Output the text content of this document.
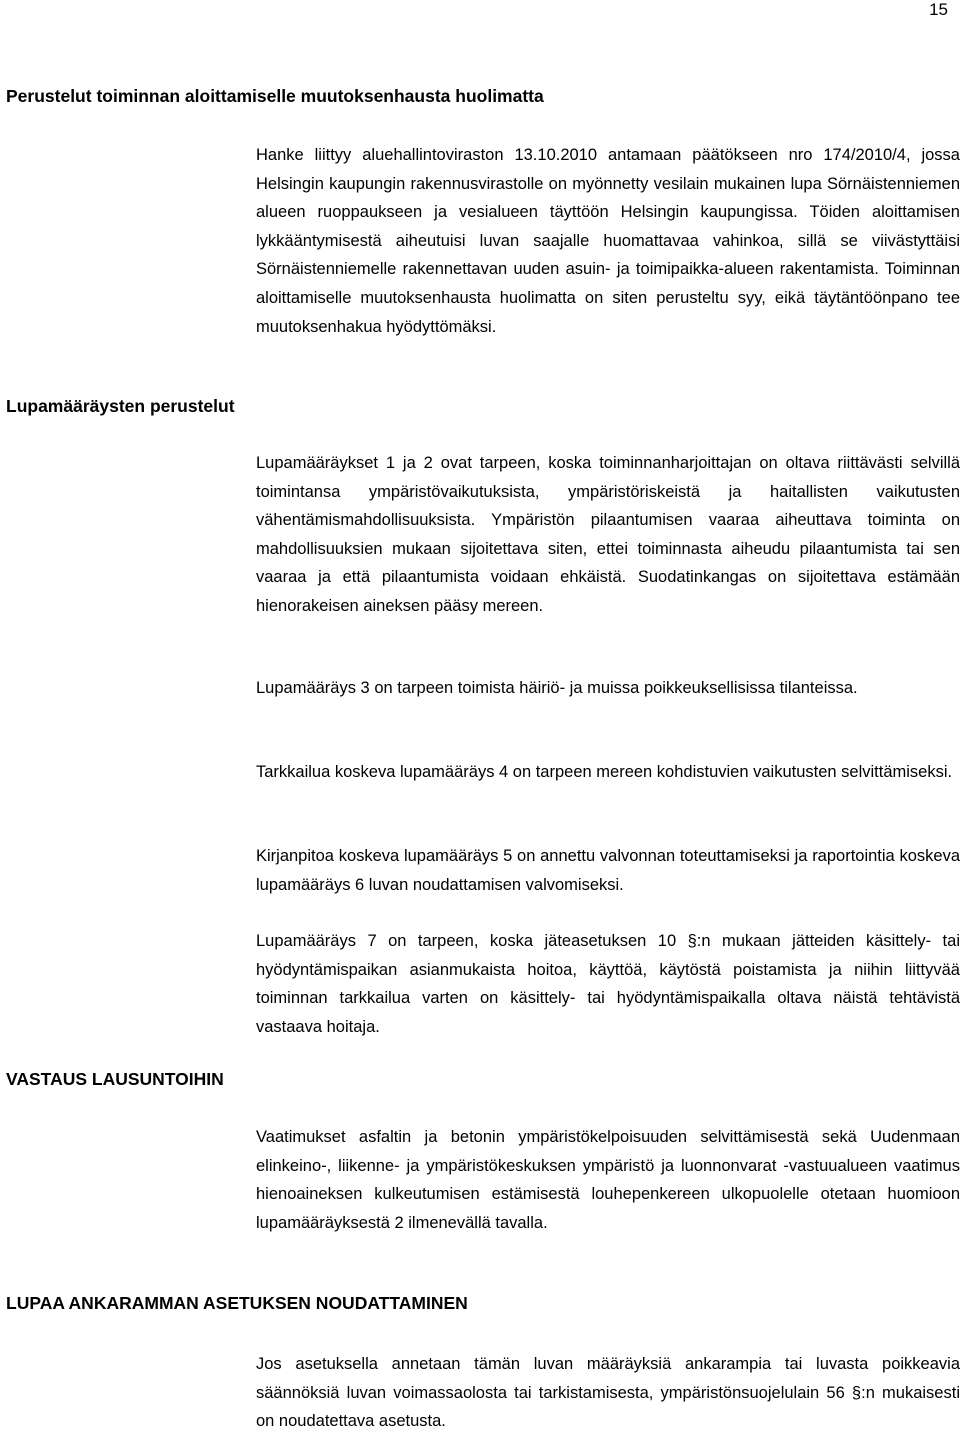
15
Perustelut toiminnan aloittamiselle muutoksenhausta huolimatta

Hanke liittyy aluehallintoviraston 13.10.2010 antamaan päätökseen nro 174/2010/4, jossa Helsingin kaupungin rakennusvirastolle on myönnetty vesilain mukainen lupa Sörnäistenniemen alueen ruoppaukseen ja vesialueen täyttöön Helsingin kaupungissa. Töiden aloittamisen lykkääntymisestä aiheutuisi luvan saajalle huomattavaa vahinkoa, sillä se viivästyttäisi Sörnäistenniemelle rakennettavan uuden asuin- ja toimipaikka-alueen rakentamista. Toiminnan aloittamiselle muutoksenhausta huolimatta on siten perusteltu syy, eikä täytäntöönpano tee muutoksenhakua hyödyttömäksi.

Lupamääräysten perustelut

Lupamääräykset 1 ja 2 ovat tarpeen, koska toiminnanharjoittajan on oltava riittävästi selvillä toimintansa ympäristövaikutuksista, ympäristöriskeistä ja haitallisten vaikutusten vähentämismahdollisuuksista. Ympäristön pilaantumisen vaaraa aiheuttava toiminta on mahdollisuuksien mukaan sijoitettava siten, ettei toiminnasta aiheudu pilaantumista tai sen vaaraa ja että pilaantumista voidaan ehkäistä. Suodatinkangas on sijoitettava estämään hienorakeisen aineksen pääsy mereen.

Lupamääräys 3 on tarpeen toimista häiriö- ja muissa poikkeuksellisissa tilanteissa.

Tarkkailua koskeva lupamääräys 4 on tarpeen mereen kohdistuvien vaikutusten selvittämiseksi.

Kirjanpitoa koskeva lupamääräys 5 on annettu valvonnan toteuttamiseksi ja raportointia koskeva lupamääräys 6 luvan noudattamisen valvomiseksi.

Lupamääräys 7 on tarpeen, koska jäteasetuksen 10 §:n mukaan jätteiden käsittely- tai hyödyntämispaikan asianmukaista hoitoa, käyttöä, käytöstä poistamista ja niihin liittyvää toiminnan tarkkailua varten on käsittely- tai hyödyntämispaikalla oltava näistä tehtävistä vastaava hoitaja.

VASTAUS LAUSUNTOIHIN

Vaatimukset asfaltin ja betonin ympäristökelpoisuuden selvittämisestä sekä Uudenmaan elinkeino-, liikenne- ja ympäristökeskuksen ympäristö ja luonnonvarat -vastuualueen vaatimus hienoaineksen kulkeutumisen estämisestä louhepenkereen ulkopuolelle otetaan huomioon lupamääräyksestä 2 ilmenevällä tavalla.

LUPAA ANKARAMMAN ASETUKSEN NOUDATTAMINEN

Jos asetuksella annetaan tämän luvan määräyksiä ankarampia tai luvasta poikkeavia säännöksiä luvan voimassaolosta tai tarkistamisesta, ympäristönsuojelulain 56 §:n mukaisesti on noudatettava asetusta.
